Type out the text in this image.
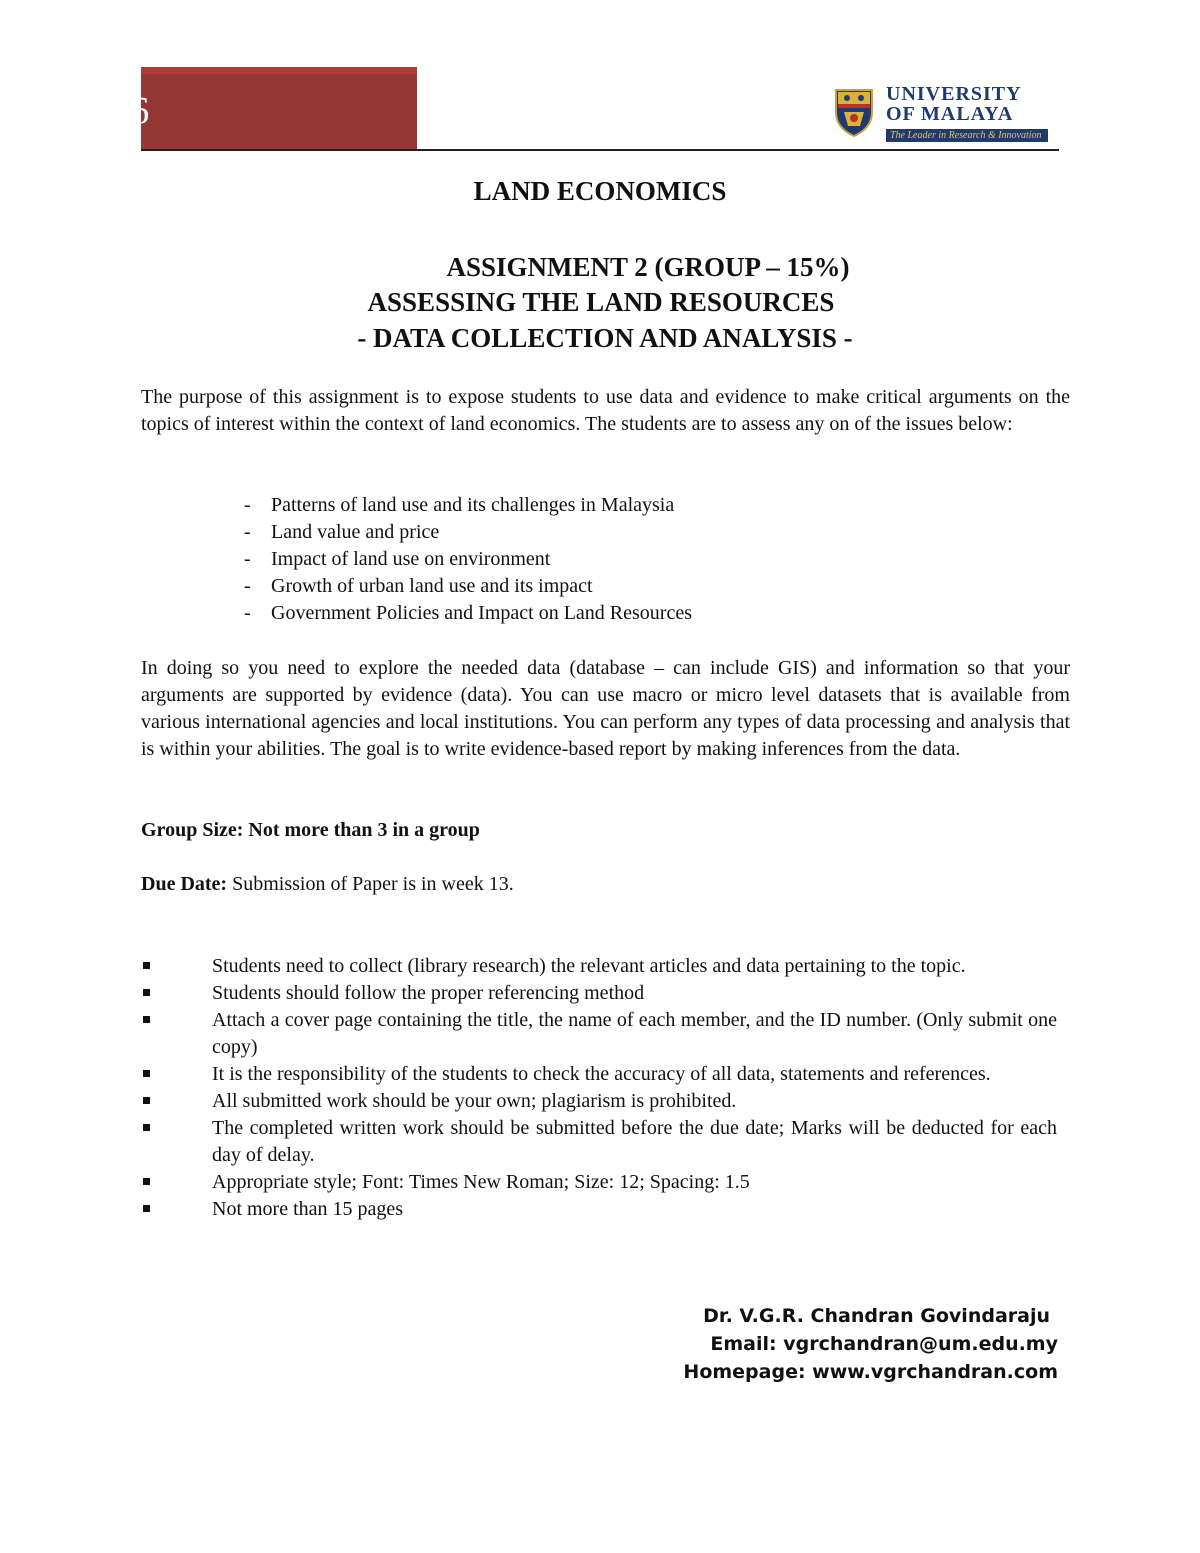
EIC3006	UNIVERSITY
OF MALAYA
The Leader in Research & Innovation
LAND ECONOMICS
ASSIGNMENT 2 (GROUP – 15%)
ASSESSING THE LAND RESOURCES
- DATA COLLECTION AND ANALYSIS -

The purpose of this assignment is to expose students to use data and evidence to make critical arguments on the topics of interest within the context of land economics. The students are to assess any on of the issues below:

- Patterns of land use and its challenges in Malaysia
- Land value and price
- Impact of land use on environment
- Growth of urban land use and its impact
- Government Policies and Impact on Land Resources

In doing so you need to explore the needed data (database – can include GIS) and information so that your arguments are supported by evidence (data). You can use macro or micro level datasets that is available from various international agencies and local institutions. You can perform any types of data processing and analysis that is within your abilities. The goal is to write evidence-based report by making inferences from the data.

Group Size: Not more than 3 in a group
Due Date: Submission of Paper is in week 13.
Students need to collect (library research) the relevant articles and data pertaining to the topic.
Students should follow the proper referencing method
Attach a cover page containing the title, the name of each member, and the ID number. (Only submit one copy)
It is the responsibility of the students to check the accuracy of all data, statements and references.
All submitted work should be your own; plagiarism is prohibited.
The completed written work should be submitted before the due date; Marks will be deducted for each day of delay.
Appropriate style; Font: Times New Roman; Size: 12; Spacing: 1.5
Not more than 15 pages
Dr. V.G.R. Chandran Govindaraju
Email: vgrchandran@um.edu.my
Homepage: www.vgrchandran.com
